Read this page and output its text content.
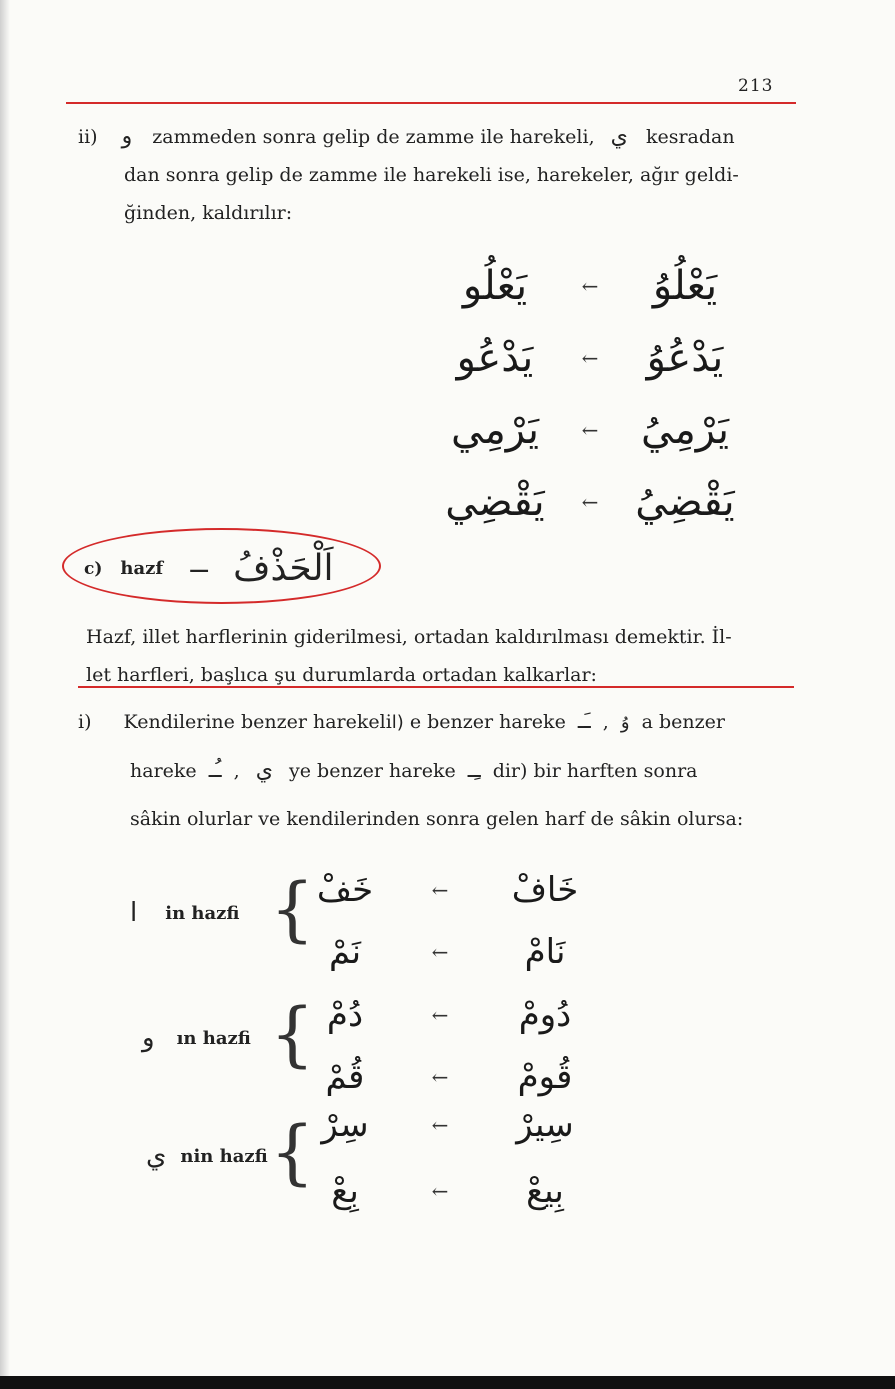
213
ii) و zammeden sonra gelip de zamme ile harekeli, ي kesradan
dan sonra gelip de zamme ile harekeli ise, harekeler, ağır geldi-
ğinden, kaldırılır:
يَعْلُو	←	يَعْلُوُ
يَدْعُو	←	يَدْعُوُ
يَرْمِي	←	يَرْمِيُ
يَقْضِي	← يَقْضِيُ
c) hazf — اَلْحَذْفُ
Hazf, illet harflerinin giderilmesi, ortadan kaldırılması demektir. İl-
let harfleri, başlıca şu durumlarda ortadan kalkarlar:
i) Kendilerine benzer harekeli(ا e benzer hareke ـَـ , وُ a benzer
hareke ـُـ , ي ye benzer hareke ـِـ dir) bir harften sonra
sâkin olurlar ve kendilerinden sonra gelen harf de sâkin olursa:
ا in hazfi { خَفْ	←	خَافْ
نَمْ	←	نَامْ
و ın hazfi { دُمْ	←	دُومْ
قُمْ	←	قُومْ
ي nin hazfi { سِرْ	←	سِيرْ
بِعْ	←	بِيعْ
